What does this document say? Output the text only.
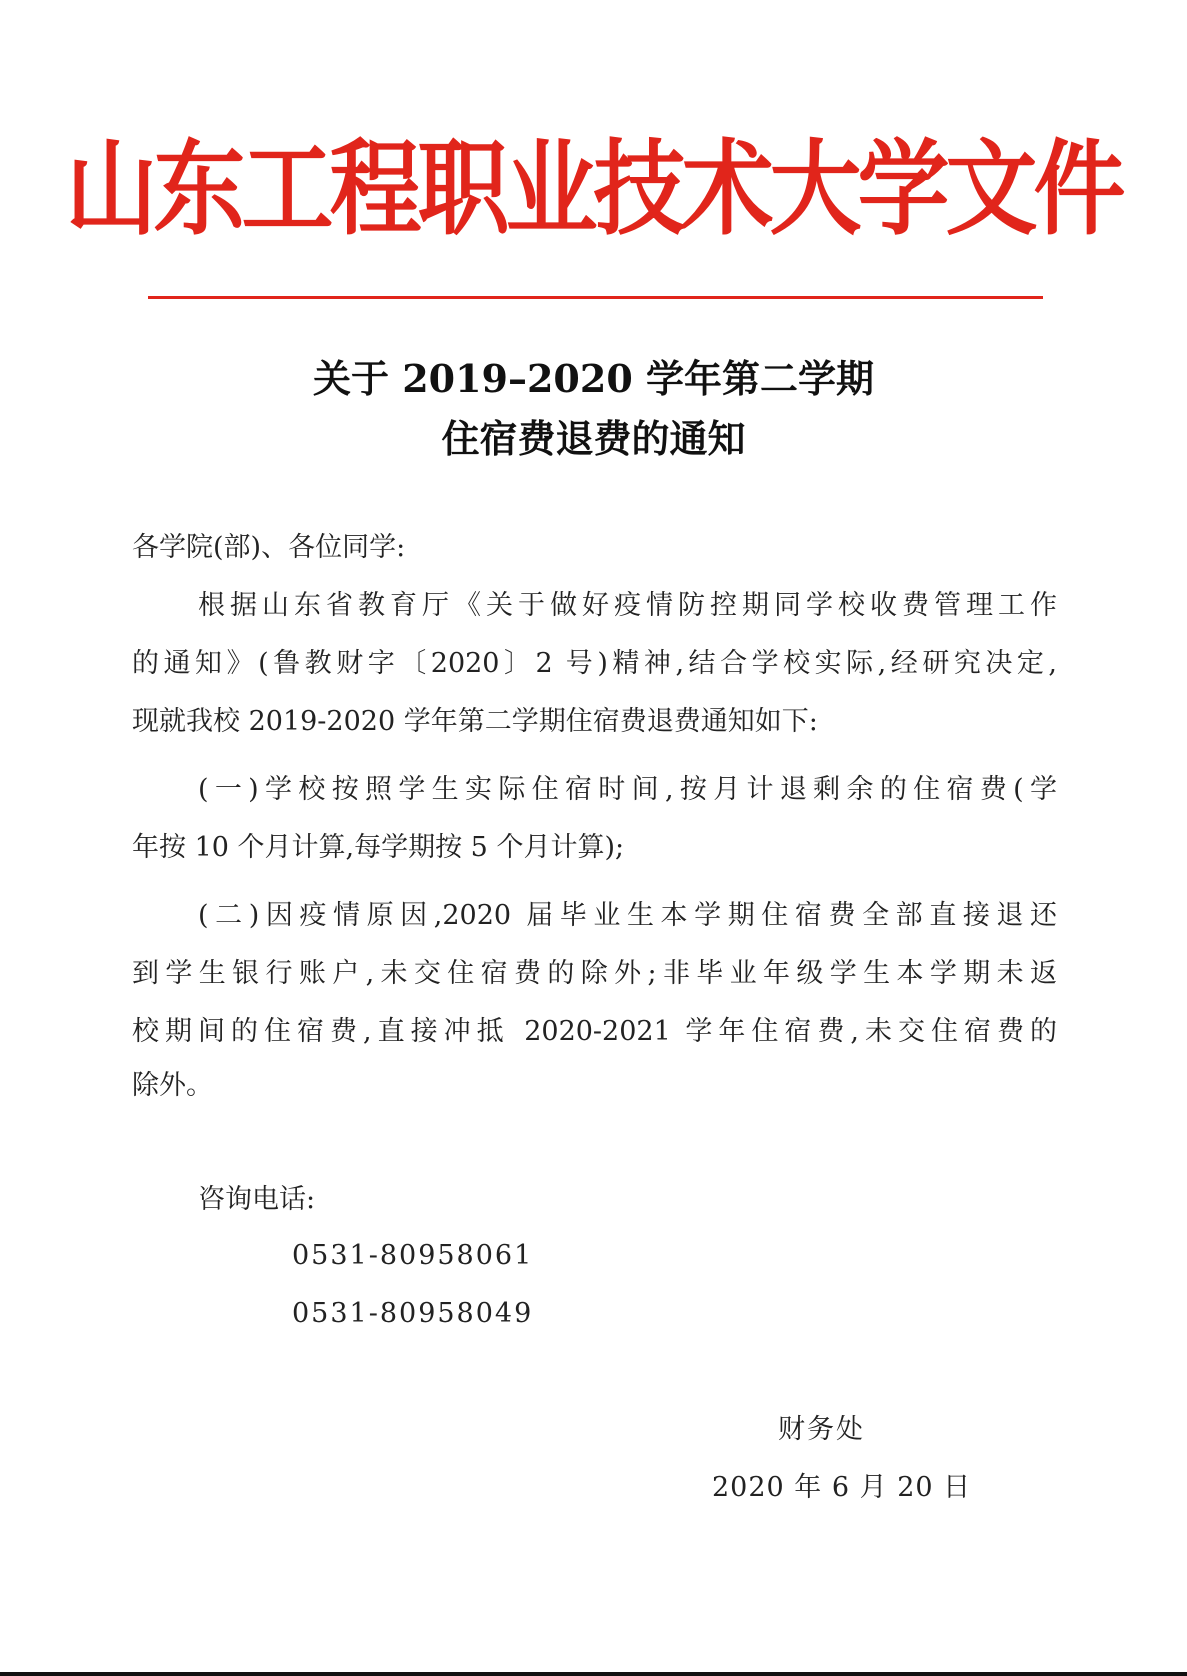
山东工程职业技术大学文件
关于 2019–2020 学年第二学期
住宿费退费的通知
各学院(部)、各位同学:
根据山东省教育厅《关于做好疫情防控期同学校收费管理工作
的通知》(鲁教财字〔2020〕2 号)精神,结合学校实际,经研究决定,
现就我校 2019-2020 学年第二学期住宿费退费通知如下:
(一)学校按照学生实际住宿时间,按月计退剩余的住宿费(学
年按 10 个月计算,每学期按 5 个月计算);
(二)因疫情原因,2020 届毕业生本学期住宿费全部直接退还
到学生银行账户,未交住宿费的除外;非毕业年级学生本学期未返
校期间的住宿费,直接冲抵 2020-2021 学年住宿费,未交住宿费的
除外。
咨询电话:
0531-80958061
0531-80958049
财务处
2020 年 6 月 20 日
